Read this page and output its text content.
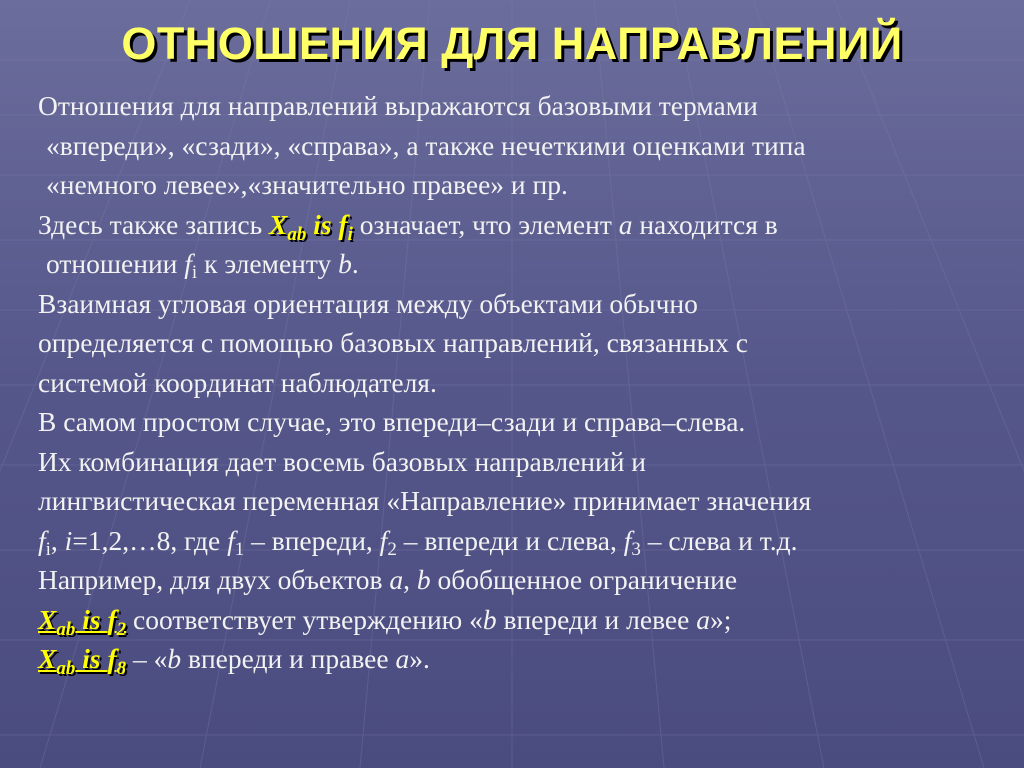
ОТНОШЕНИЯ ДЛЯ НАПРАВЛЕНИЙ
Отношения для направлений выражаются базовыми термами
«впереди», «сзади», «справа», а также нечеткими оценками типа
«немного левее»,«значительно правее» и пр.
Здесь также запись $X_{ab}$ is $f_i$ означает, что элемент a находится в
отношении $f_i$ к элементу b.
Взаимная угловая ориентация между объектами обычно
определяется с помощью базовых направлений, связанных с
системой координат наблюдателя.
В самом простом случае, это впереди–сзади и справа–слева.
Их комбинация дает восемь базовых направлений и
лингвистическая переменная «Направление» принимает значения
$f_i$, i=1,2,…8, где $f_1$ – впереди, $f_2$ – впереди и слева, $f_3$ – слева и т.д.
Например, для двух объектов a, b обобщенное ограничение
$X_{ab}$ is $f_2$ соответствует утверждению «b впереди и левее a»;
$X_{ab}$ is $f_8$ – «b впереди и правее a».
